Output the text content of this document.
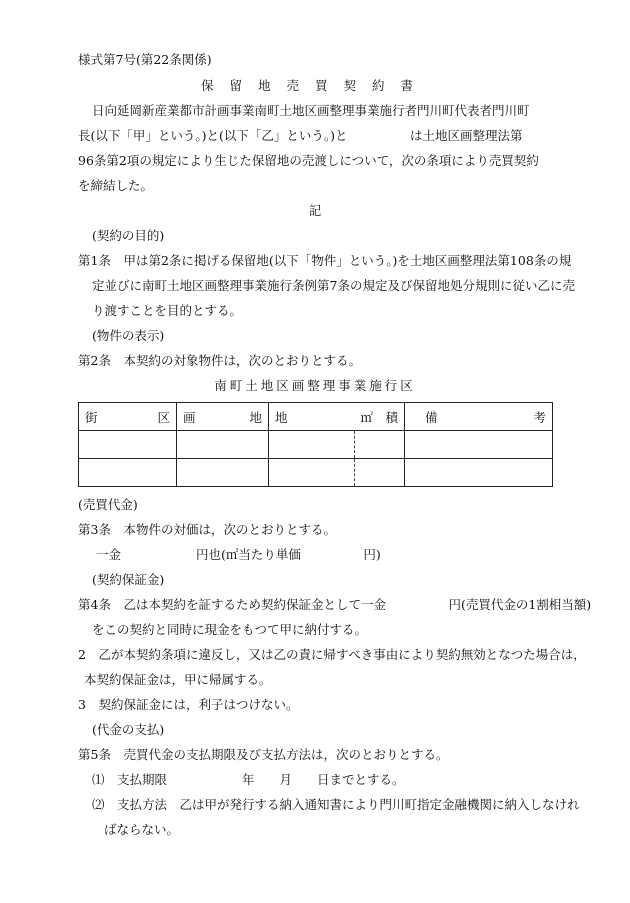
様式第7号(第22条関係)
保留地売買契約書
日向延岡新産業都市計画事業南町土地区画整理事業施行者門川町代表者門川町
長(以下「甲」という。)と(以下「乙」という。)と　　　　　は土地区画整理法第
96条第2項の規定により生じた保留地の売渡しについて，次の条項により売買契約
を締結した。
記
(契約の目的)
第1条　甲は第2条に掲げる保留地(以下「物件」という。)を土地区画整理法第108条の規
定並びに南町土地区画整理事業施行条例第7条の規定及び保留地処分規則に従い乙に売
り渡すことを目的とする。
(物件の表示)
第2条　本契約の対象物件は，次のとおりとする。
南町土地区画整理事業施行区
街 区	画 地	地 ㎡　積	備 考

(売買代金)
第3条　本物件の対価は，次のとおりとする。
一金　　　　　　円也(㎡当たり単価　　　　　円)
(契約保証金)
第4条　乙は本契約を証するため契約保証金として一金　　　　　円(売買代金の1割相当額)
をこの契約と同時に現金をもつて甲に納付する。
2　乙が本契約条項に違反し，又は乙の責に帰すべき事由により契約無効となつた場合は，
本契約保証金は，甲に帰属する。
3　契約保証金には，利子はつけない。
(代金の支払)
第5条　売買代金の支払期限及び支払方法は，次のとおりとする。
⑴　支払期限　　　　　　年　　月　　日までとする。
⑵　支払方法　乙は甲が発行する納入通知書により門川町指定金融機関に納入しなけれ
ばならない。
